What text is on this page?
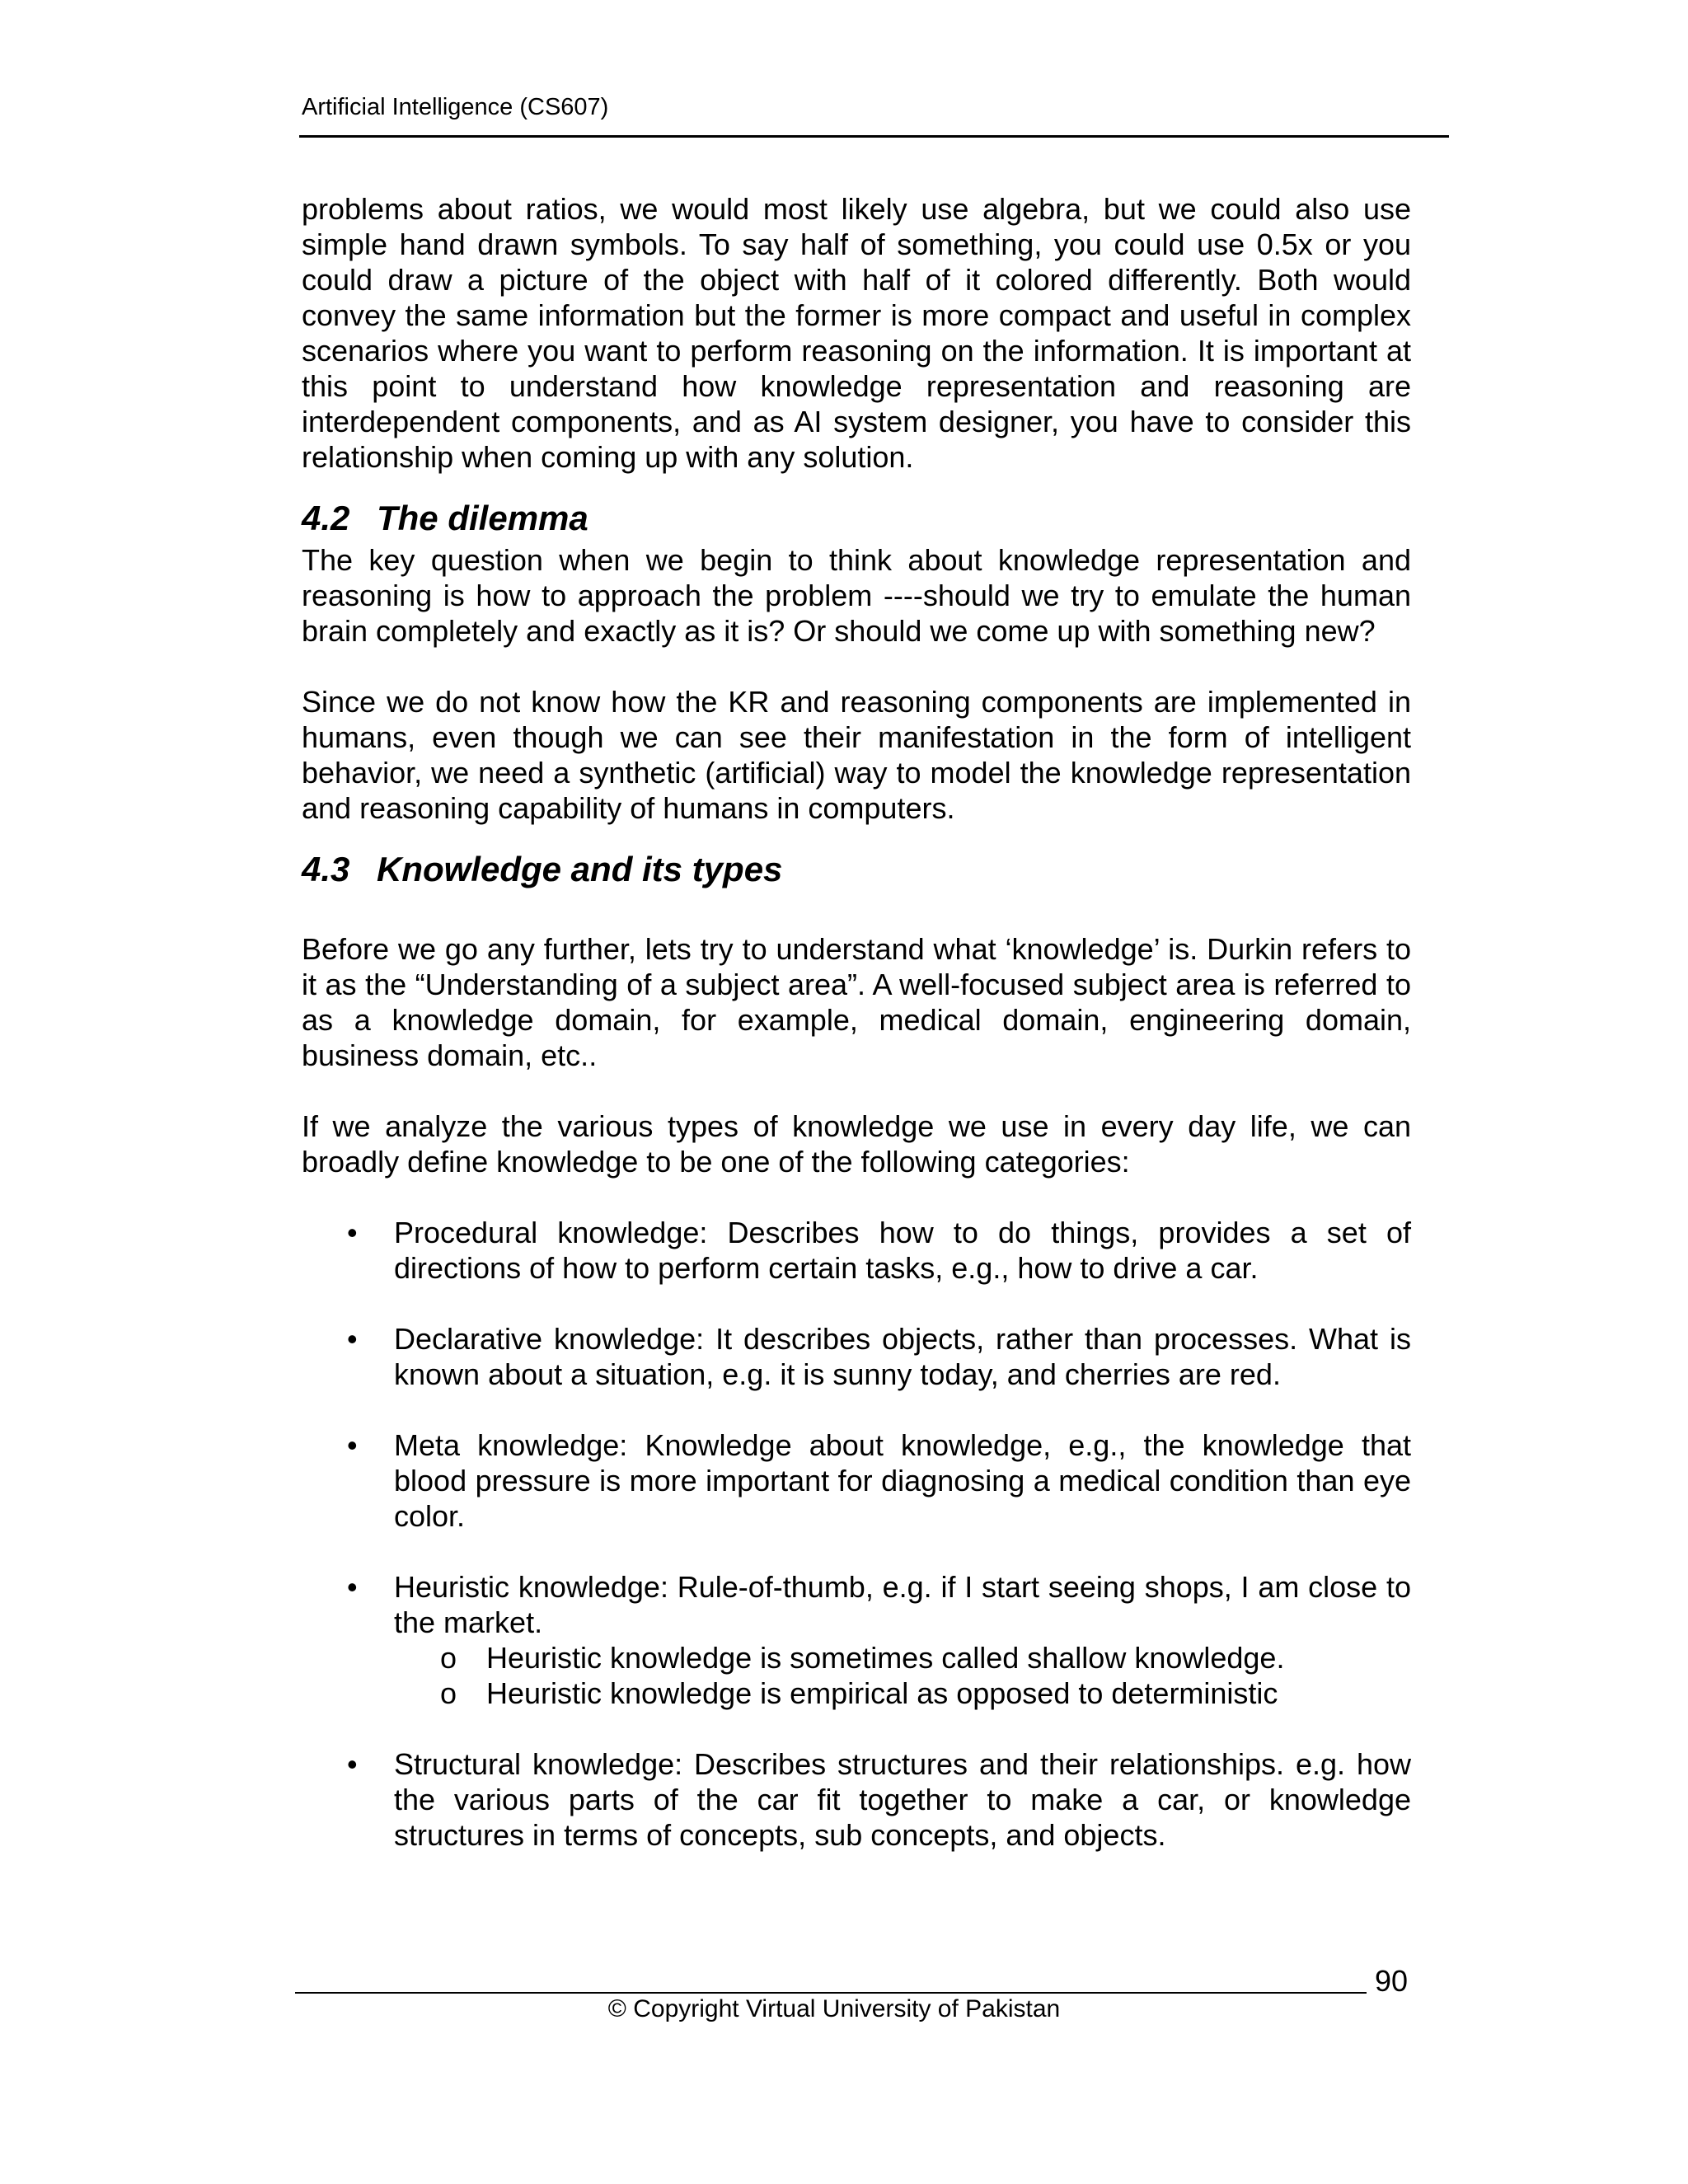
Artificial Intelligence (CS607)

problems about ratios, we would most likely use algebra, but we could also use simple hand drawn symbols. To say half of something, you could use 0.5x or you could draw a picture of the object with half of it colored differently. Both would convey the same information but the former is more compact and useful in complex scenarios where you want to perform reasoning on the information. It is important at this point to understand how knowledge representation and reasoning are interdependent components, and as AI system designer, you have to consider this relationship when coming up with any solution.

4.2 The dilemma

The key question when we begin to think about knowledge representation and reasoning is how to approach the problem ----should we try to emulate the human brain completely and exactly as it is? Or should we come up with something new?

Since we do not know how the KR and reasoning components are implemented in humans, even though we can see their manifestation in the form of intelligent behavior, we need a synthetic (artificial) way to model the knowledge representation and reasoning capability of humans in computers.

4.3 Knowledge and its types

Before we go any further, lets try to understand what ‘knowledge’ is. Durkin refers to it as the “Understanding of a subject area”. A well-focused subject area is referred to as a knowledge domain, for example, medical domain, engineering domain, business domain, etc..

If we analyze the various types of knowledge we use in every day life, we can broadly define knowledge to be one of the following categories:

•	Procedural knowledge: Describes how to do things, provides a set of directions of how to perform certain tasks, e.g., how to drive a car.
•	Declarative knowledge: It describes objects, rather than processes. What is known about a situation, e.g. it is sunny today, and cherries are red.
•	Meta knowledge: Knowledge about knowledge, e.g., the knowledge that blood pressure is more important for diagnosing a medical condition than eye color.
•	Heuristic knowledge: Rule-of-thumb, e.g. if I start seeing shops, I am close to the market.
o Heuristic knowledge is sometimes called shallow knowledge.
o Heuristic knowledge is empirical as opposed to deterministic
•	Structural knowledge: Describes structures and their relationships. e.g. how the various parts of the car fit together to make a car, or knowledge structures in terms of concepts, sub concepts, and objects.
90
© Copyright Virtual University of Pakistan
